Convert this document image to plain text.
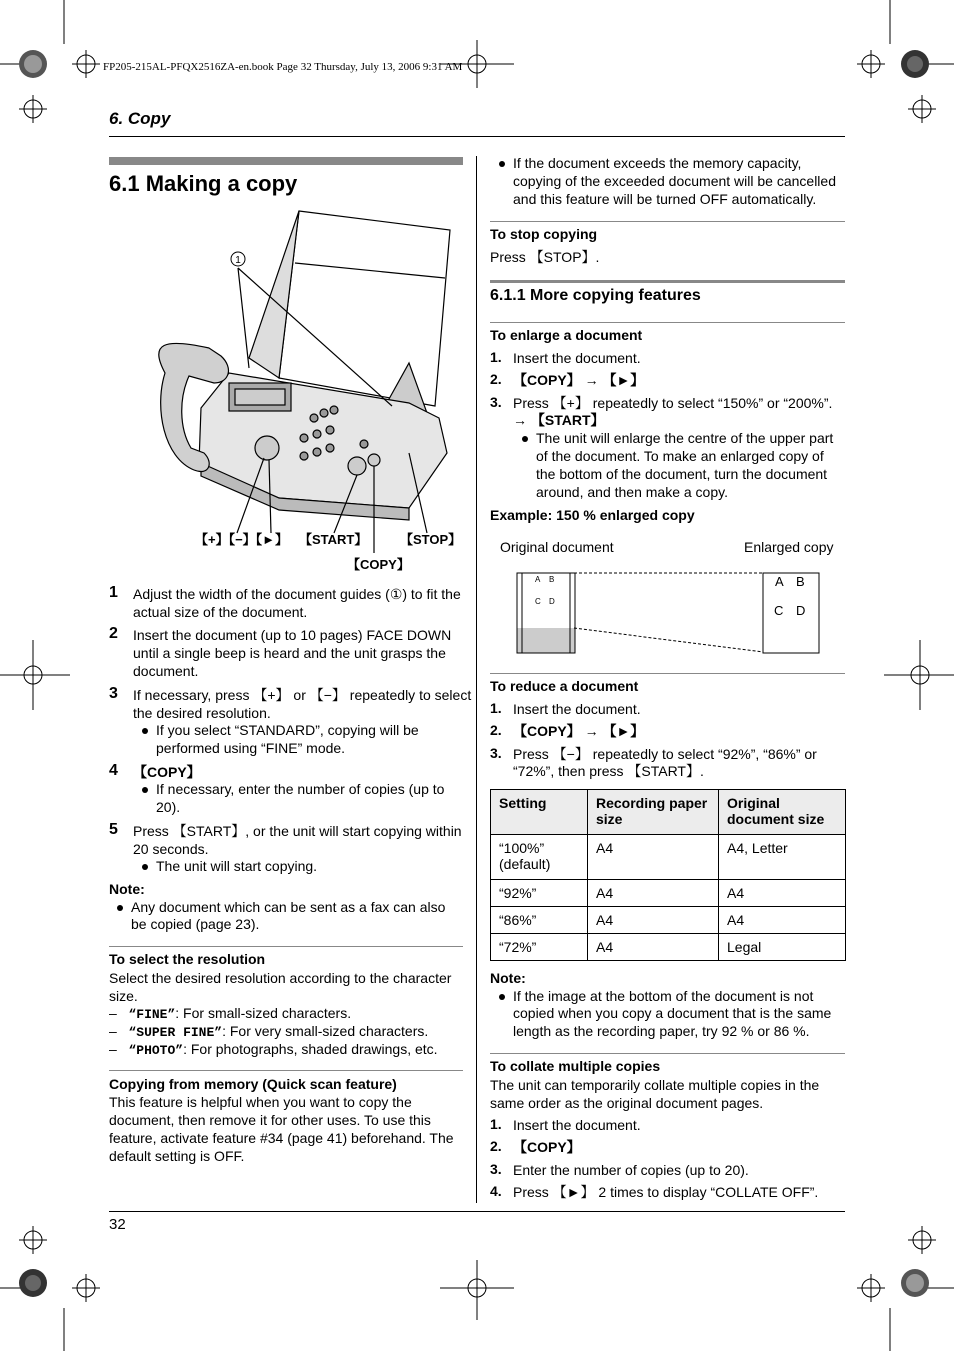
FP205-215AL-PFQX2516ZA-en.book Page 32 Thursday, July 13, 2006 9:31 AM
6. Copy
6.1 Making a copy
1
【+】【−】【►】 【START】	【STOP】
【COPY】
1 Adjust the width of the document guides (①) to fit the actual size of the document.
2 Insert the document (up to 10 pages) FACE DOWN until a single beep is heard and the unit grasps the document.
3 If necessary, press 【+】 or 【−】 repeatedly to select
the desired resolution.
If you select “STANDARD”, copying will be
performed using “FINE” mode.
4 【COPY】
If necessary, enter the number of copies (up to
20).
5 Press 【START】, or the unit will start copying within
20 seconds.
The unit will start copying.
Note:
Any document which can be sent as a fax can also
be copied (page 23).
To select the resolution
Select the desired resolution according to the character
size.
– “FINE”: For small-sized characters.
– “SUPER FINE”: For very small-sized characters.
– “PHOTO”: For photographs, shaded drawings, etc.
Copying from memory (Quick scan feature)
This feature is helpful when you want to copy the
document, then remove it for other uses. To use this
feature, activate feature #34 (page 41) beforehand. The
default setting is OFF.
If the document exceeds the memory capacity,
copying of the exceeded document will be cancelled
and this feature will be turned OFF automatically.
To stop copying
Press 【STOP】.
6.1.1 More copying features
To enlarge a document
1. Insert the document.
2. 【COPY】 → 【►】
3. Press 【+】 repeatedly to select “150%” or “200%”.
→ 【START】
The unit will enlarge the centre of the upper part
of the document. To make an enlarged copy of
the bottom of the document, turn the document
around, and then make a copy.
Example: 150 % enlarged copy
Original document	Enlarged copy
A B
C D
A B
C D
To reduce a document
1. Insert the document.
2. 【COPY】 → 【►】
3. Press 【−】 repeatedly to select “92%”, “86%” or
“72%”, then press 【START】.
Setting	Recording paper size	Original document size
“100%” (default)	A4	A4, Letter
“92%”	A4	A4
“86%”	A4	A4
“72%”	A4	Legal
Note:
If the image at the bottom of the document is not
copied when you copy a document that is the same
length as the recording paper, try 92 % or 86 %.
To collate multiple copies
The unit can temporarily collate multiple copies in the
same order as the original document pages.
1. Insert the document.
2. 【COPY】
3. Enter the number of copies (up to 20).
4. Press 【►】 2 times to display “COLLATE OFF”.
32
